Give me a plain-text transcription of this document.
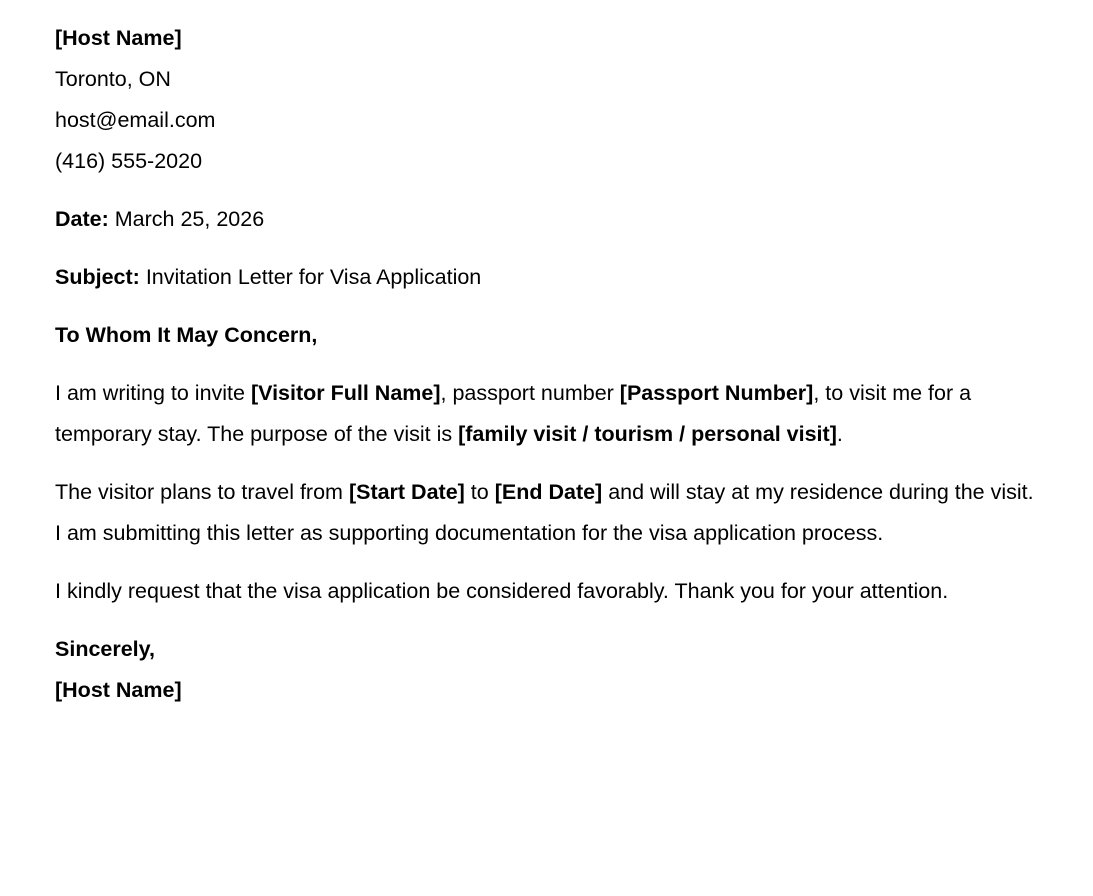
[Host Name]
Toronto, ON
host@email.com
(416) 555-2020

Date: March 25, 2026

Subject: Invitation Letter for Visa Application

To Whom It May Concern,

I am writing to invite [Visitor Full Name], passport number [Passport Number], to visit me for a temporary stay. The purpose of the visit is [family visit / tourism / personal visit].

The visitor plans to travel from [Start Date] to [End Date] and will stay at my residence during the visit. I am submitting this letter as supporting documentation for the visa application process.

I kindly request that the visa application be considered favorably. Thank you for your attention.

Sincerely,
[Host Name]
